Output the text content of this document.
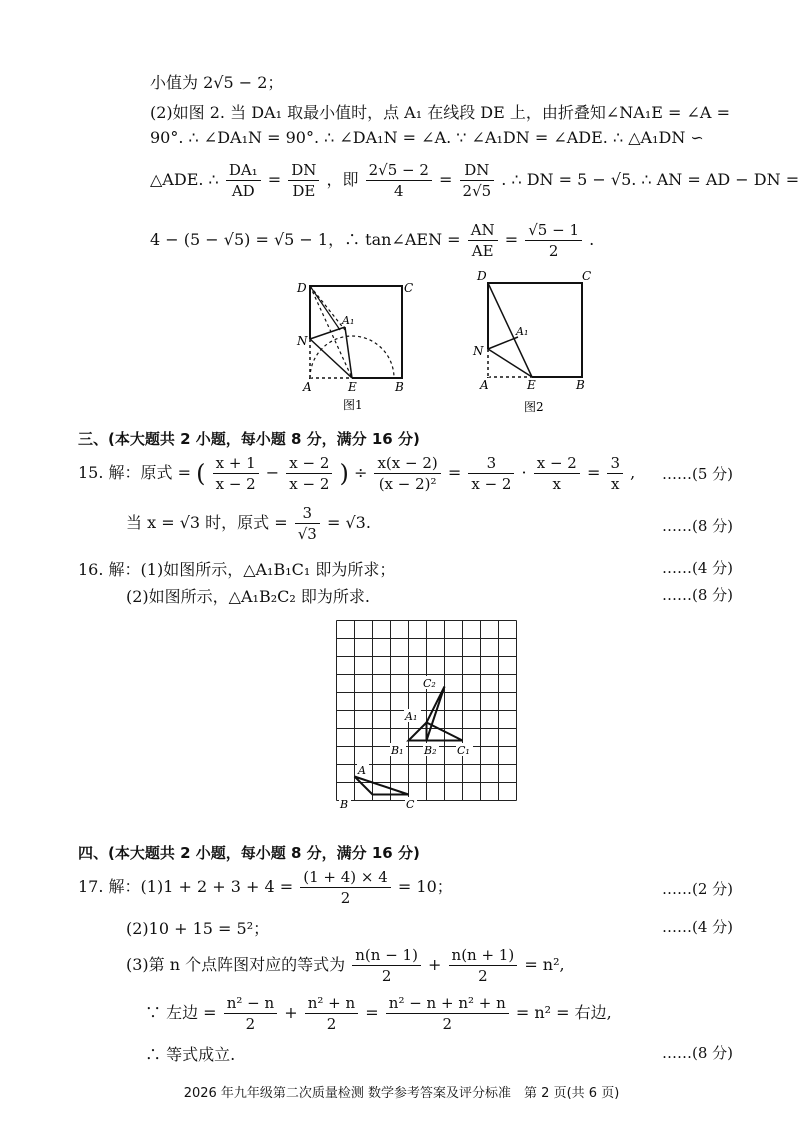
小值为 2√5 − 2；
(2)如图 2. 当 DA₁ 取最小值时，点 A₁ 在线段 DE 上，由折叠知∠NA₁E = ∠A =
90°. ∴ ∠DA₁N = 90°. ∴ ∠DA₁N = ∠A. ∵ ∠A₁DN = ∠ADE. ∴ △A₁DN ∽
△ADE. ∴ $\frac{\text{DA₁}}{AD} = \frac{DN}{DE}$ ，即 $\frac{2√5 - 2}{4} = \frac{DN}{2√5}$ . ∴ DN = 5 − √5. ∴ AN = AD − DN =
4 − (5 − √5) = √5 − 1，∴ tan∠AEN = $\frac{AN}{AE} = \frac{√5 - 1}{2}$ .
D	C
A₁
N
A	E	B
图1
D	C
A₁
N
A	E	B
图2
三、(本大题共 2 小题，每小题 8 分，满分 16 分)
15. 解：原式 = ( $\frac{x + 1}{x - 2} - \frac{x - 2}{x - 2}$ ) ÷ $\frac{x(x - 2)}{\text{(x − 2)²}} = \frac{3}{x - 2} \cdot \frac{x - 2}{x} = \frac{3}{x}$ , ……(5 分)
当 x = √3 时，原式 = $\frac{3}{√3} = √3$.	……(8 分)
16. 解：(1)如图所示，△A₁B₁C₁ 即为所求；	……(4 分)
(2)如图所示，△A₁B₂C₂ 即为所求.	……(8 分)
C₂
A₁
B₁ B₂ C₁
A
B	C
四、(本大题共 2 小题，每小题 8 分，满分 16 分)
17. 解：$(1)1 + 2 + 3 + 4 = \frac{(1 + 4) \times 4}{2} = 10$；	……(2 分)
(2)10 + 15 = 5²；	……(4 分)
(3)第 n 个点阵图对应的等式为 $\frac{n(n - 1)}{2} + \frac{n(n + 1)}{2} = n^2$,
∵ 左边 = $\frac{\text{n² − n}}{2} + \frac{\text{n² + n}}{2} = \frac{\text{n² − n + n² + n}}{2} = n^2$ = 右边,
∴ 等式成立.	……(8 分)
2026 年九年级第二次质量检测 数学参考答案及评分标准　第 2 页(共 6 页)
